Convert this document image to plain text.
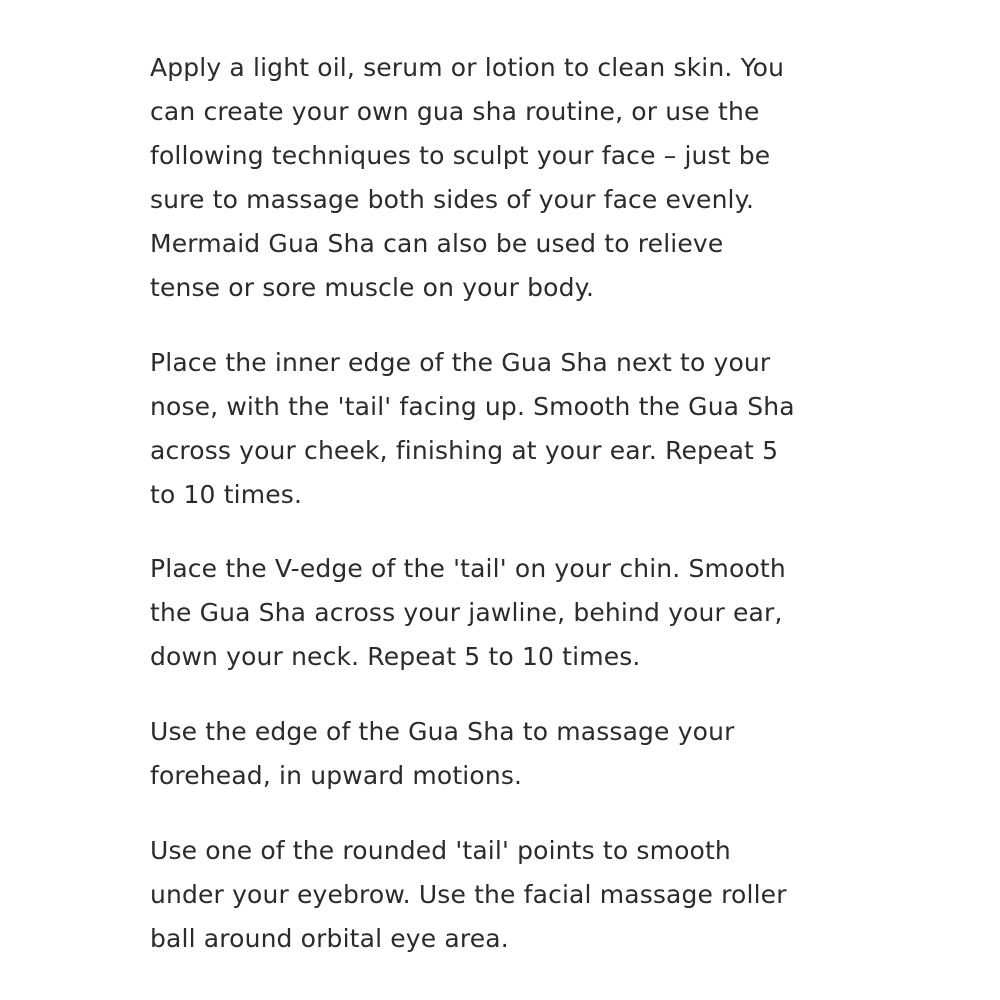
Apply a light oil, serum or lotion to clean skin. You
can create your own gua sha routine, or use the
following techniques to sculpt your face – just be
sure to massage both sides of your face evenly.
Mermaid Gua Sha can also be used to relieve
tense or sore muscle on your body.

Place the inner edge of the Gua Sha next to your
nose, with the 'tail' facing up. Smooth the Gua Sha
across your cheek, finishing at your ear. Repeat 5
to 10 times.

Place the V-edge of the 'tail' on your chin. Smooth
the Gua Sha across your jawline, behind your ear,
down your neck. Repeat 5 to 10 times.

Use the edge of the Gua Sha to massage your
forehead, in upward motions.

Use one of the rounded 'tail' points to smooth
under your eyebrow. Use the facial massage roller
ball around orbital eye area.
